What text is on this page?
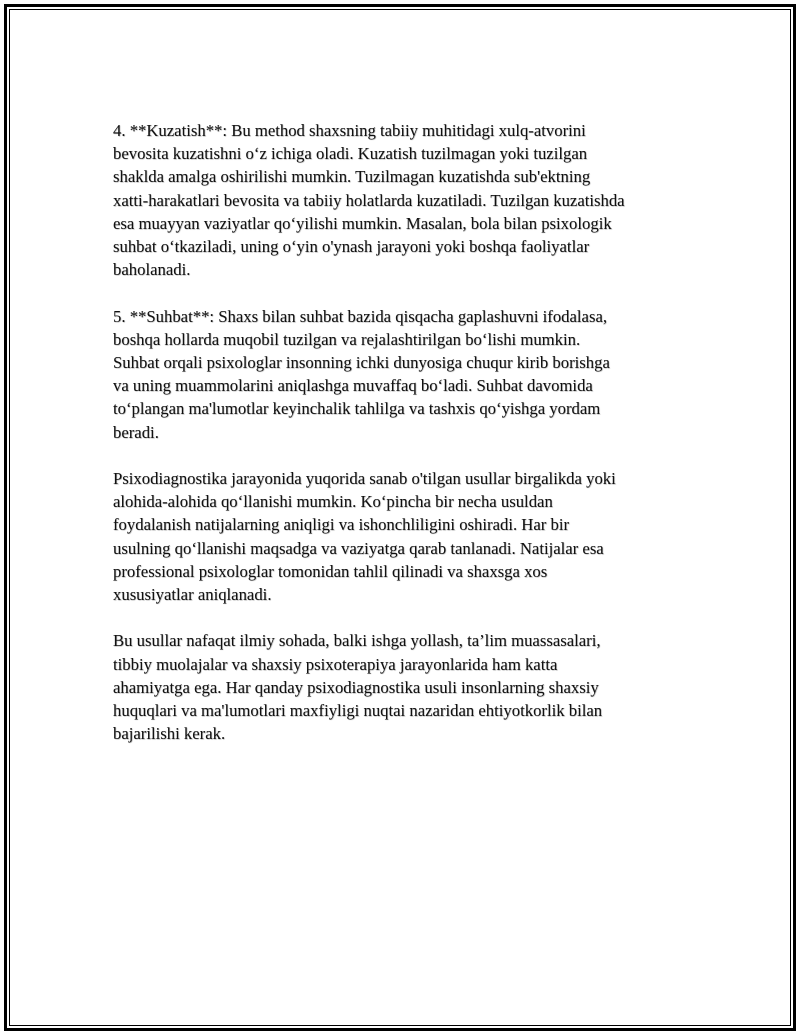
4. **Kuzatish**: Bu method shaxsning tabiiy muhitidagi xulq-atvorini
bevosita kuzatishni o‘z ichiga oladi. Kuzatish tuzilmagan yoki tuzilgan
shaklda amalga oshirilishi mumkin. Tuzilmagan kuzatishda sub'ektning
xatti-harakatlari bevosita va tabiiy holatlarda kuzatiladi. Tuzilgan kuzatishda
esa muayyan vaziyatlar qo‘yilishi mumkin. Masalan, bola bilan psixologik
suhbat o‘tkaziladi, uning o‘yin o'ynash jarayoni yoki boshqa faoliyatlar
baholanadi.

5. **Suhbat**: Shaxs bilan suhbat bazida qisqacha gaplashuvni ifodalasa,
boshqa hollarda muqobil tuzilgan va rejalashtirilgan bo‘lishi mumkin.
Suhbat orqali psixologlar insonning ichki dunyosiga chuqur kirib borishga
va uning muammolarini aniqlashga muvaffaq bo‘ladi. Suhbat davomida
to‘plangan ma'lumotlar keyinchalik tahlilga va tashxis qo‘yishga yordam
beradi.

Psixodiagnostika jarayonida yuqorida sanab o'tilgan usullar birgalikda yoki
alohida-alohida qo‘llanishi mumkin. Ko‘pincha bir necha usuldan
foydalanish natijalarning aniqligi va ishonchliligini oshiradi. Har bir
usulning qo‘llanishi maqsadga va vaziyatga qarab tanlanadi. Natijalar esa
professional psixologlar tomonidan tahlil qilinadi va shaxsga xos
xususiyatlar aniqlanadi.

Bu usullar nafaqat ilmiy sohada, balki ishga yollash, ta’lim muassasalari,
tibbiy muolajalar va shaxsiy psixoterapiya jarayonlarida ham katta
ahamiyatga ega. Har qanday psixodiagnostika usuli insonlarning shaxsiy
huquqlari va ma'lumotlari maxfiyligi nuqtai nazaridan ehtiyotkorlik bilan
bajarilishi kerak.
